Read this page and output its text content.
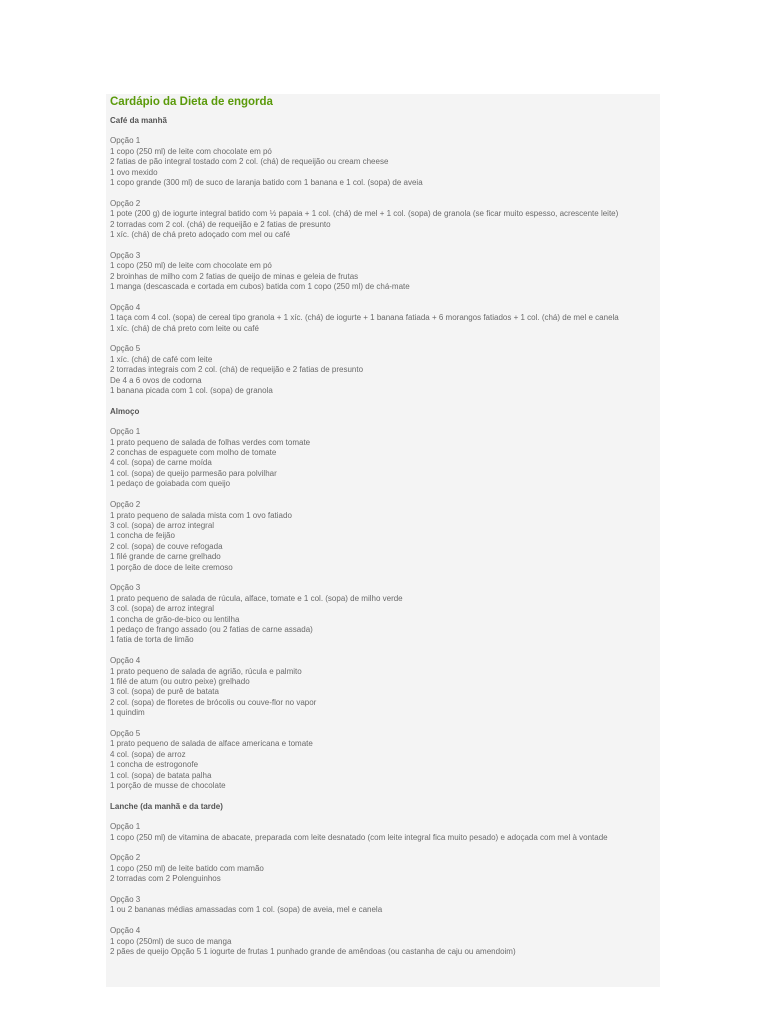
Cardápio da Dieta de engorda
Café da manhã

Opção 1

1 copo (250 ml) de leite com chocolate em pó

2 fatias de pão integral tostado com 2 col. (chá) de requeijão ou cream cheese

1 ovo mexido

1 copo grande (300 ml) de suco de laranja batido com 1 banana e 1 col. (sopa) de aveia

Opção 2

1 pote (200 g) de iogurte integral batido com ½ papaia + 1 col. (chá) de mel + 1 col. (sopa) de granola (se ficar muito espesso, acrescente leite)

2 torradas com 2 col. (chá) de requeijão e 2 fatias de presunto

1 xíc. (chá) de chá preto adoçado com mel ou café

Opção 3

1 copo (250 ml) de leite com chocolate em pó

2 broinhas de milho com 2 fatias de queijo de minas e geleia de frutas

1 manga (descascada e cortada em cubos) batida com 1 copo (250 ml) de chá-mate

Opção 4

1 taça com 4 col. (sopa) de cereal tipo granola + 1 xíc. (chá) de iogurte + 1 banana fatiada + 6 morangos fatiados + 1 col. (chá) de mel e canela

1 xíc. (chá) de chá preto com leite ou café

Opção 5

1 xíc. (chá) de café com leite

2 torradas integrais com 2 col. (chá) de requeijão e 2 fatias de presunto

De 4 a 6 ovos de codorna

1 banana picada com 1 col. (sopa) de granola

Almoço

Opção 1

1 prato pequeno de salada de folhas verdes com tomate

2 conchas de espaguete com molho de tomate

4 col. (sopa) de carne moída

1 col. (sopa) de queijo parmesão para polvilhar

1 pedaço de goiabada com queijo

Opção 2

1 prato pequeno de salada mista com 1 ovo fatiado

3 col. (sopa) de arroz integral

1 concha de feijão

2 col. (sopa) de couve refogada

1 filé grande de carne grelhado

1 porção de doce de leite cremoso

Opção 3

1 prato pequeno de salada de rúcula, alface, tomate e 1 col. (sopa) de milho verde

3 col. (sopa) de arroz integral

1 concha de grão-de-bico ou lentilha

1 pedaço de frango assado (ou 2 fatias de carne assada)

1 fatia de torta de limão

Opção 4

1 prato pequeno de salada de agrião, rúcula e palmito

1 filé de atum (ou outro peixe) grelhado

3 col. (sopa) de purê de batata

2 col. (sopa) de floretes de brócolis ou couve-flor no vapor

1 quindim

Opção 5

1 prato pequeno de salada de alface americana e tomate

4 col. (sopa) de arroz

1 concha de estrogonofe

1 col. (sopa) de batata palha

1 porção de musse de chocolate

Lanche (da manhã e da tarde)

Opção 1

1 copo (250 ml) de vitamina de abacate, preparada com leite desnatado (com leite integral fica muito pesado) e adoçada com mel à vontade

Opção 2

1 copo (250 ml) de leite batido com mamão

2 torradas com 2 Polenguinhos

Opção 3

1 ou 2 bananas médias amassadas com 1 col. (sopa) de aveia, mel e canela

Opção 4

1 copo (250ml) de suco de manga

2 pães de queijo Opção 5 1 iogurte de frutas 1 punhado grande de amêndoas (ou castanha de caju ou amendoim)
